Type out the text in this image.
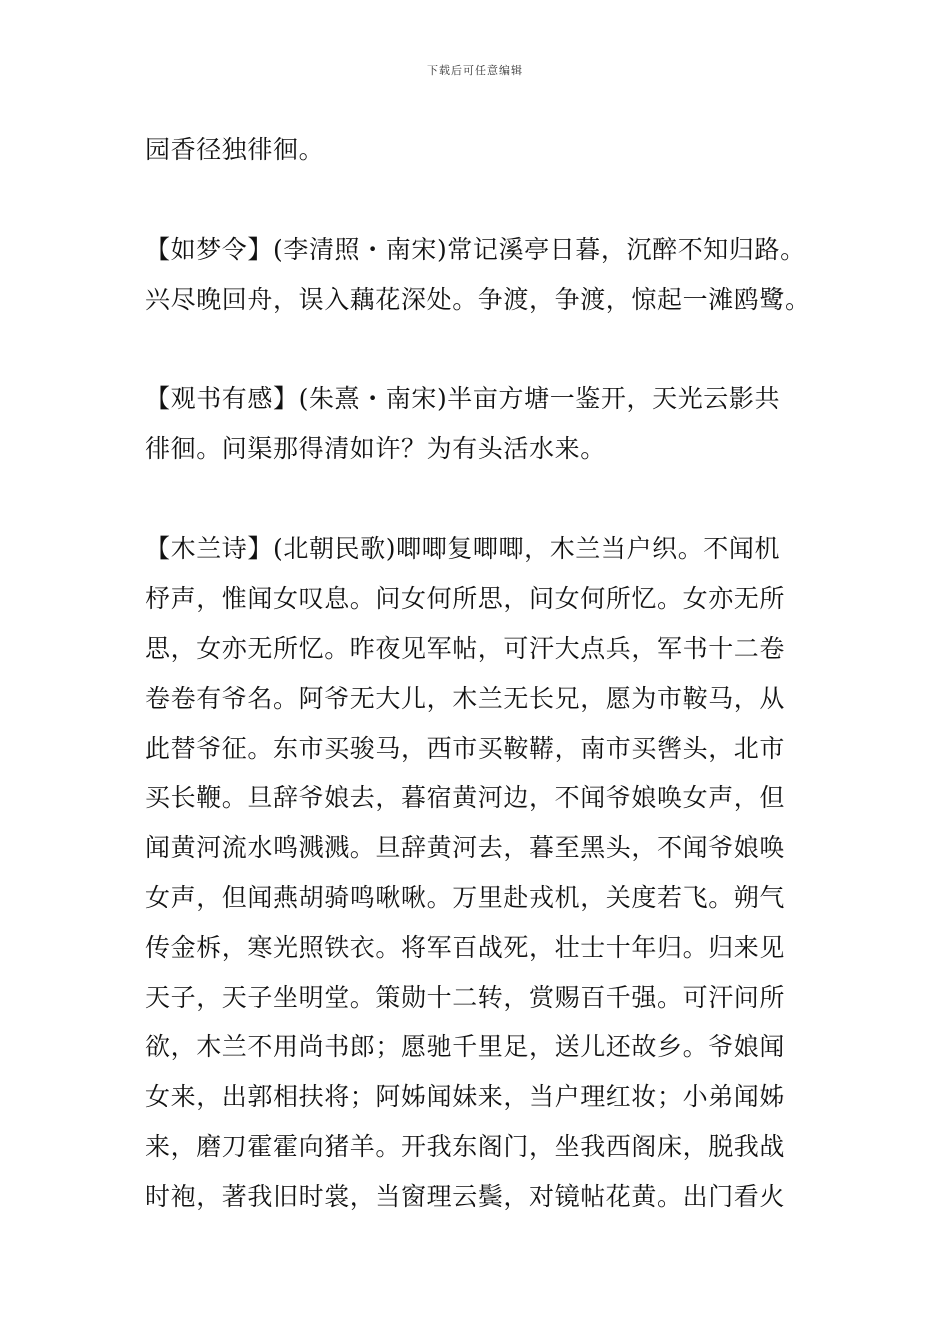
下载后可任意编辑
园香径独徘徊。
【如梦令】(李清照・南宋)常记溪亭日暮，沉醉不知归路。
兴尽晚回舟，误入藕花深处。争渡，争渡，惊起一滩鸥鹭。
【观书有感】(朱熹・南宋)半亩方塘一鉴开，天光云影共
徘徊。问渠那得清如许？为有头活水来。
【木兰诗】(北朝民歌)唧唧复唧唧，木兰当户织。不闻机
杼声，惟闻女叹息。问女何所思，问女何所忆。女亦无所
思，女亦无所忆。昨夜见军帖，可汗大点兵，军书十二卷
卷卷有爷名。阿爷无大儿，木兰无长兄，愿为市鞍马，从
此替爷征。东市买骏马，西市买鞍鞯，南市买辔头，北市
买长鞭。旦辞爷娘去，暮宿黄河边，不闻爷娘唤女声，但
闻黄河流水鸣溅溅。旦辞黄河去，暮至黑头，不闻爷娘唤
女声，但闻燕胡骑鸣啾啾。万里赴戎机，关度若飞。朔气
传金柝，寒光照铁衣。将军百战死，壮士十年归。归来见
天子，天子坐明堂。策勋十二转，赏赐百千强。可汗问所
欲，木兰不用尚书郎；愿驰千里足，送儿还故乡。爷娘闻
女来，出郭相扶将；阿姊闻妹来，当户理红妆；小弟闻姊
来，磨刀霍霍向猪羊。开我东阁门，坐我西阁床，脱我战
时袍，著我旧时裳，当窗理云鬓，对镜帖花黄。出门看火
